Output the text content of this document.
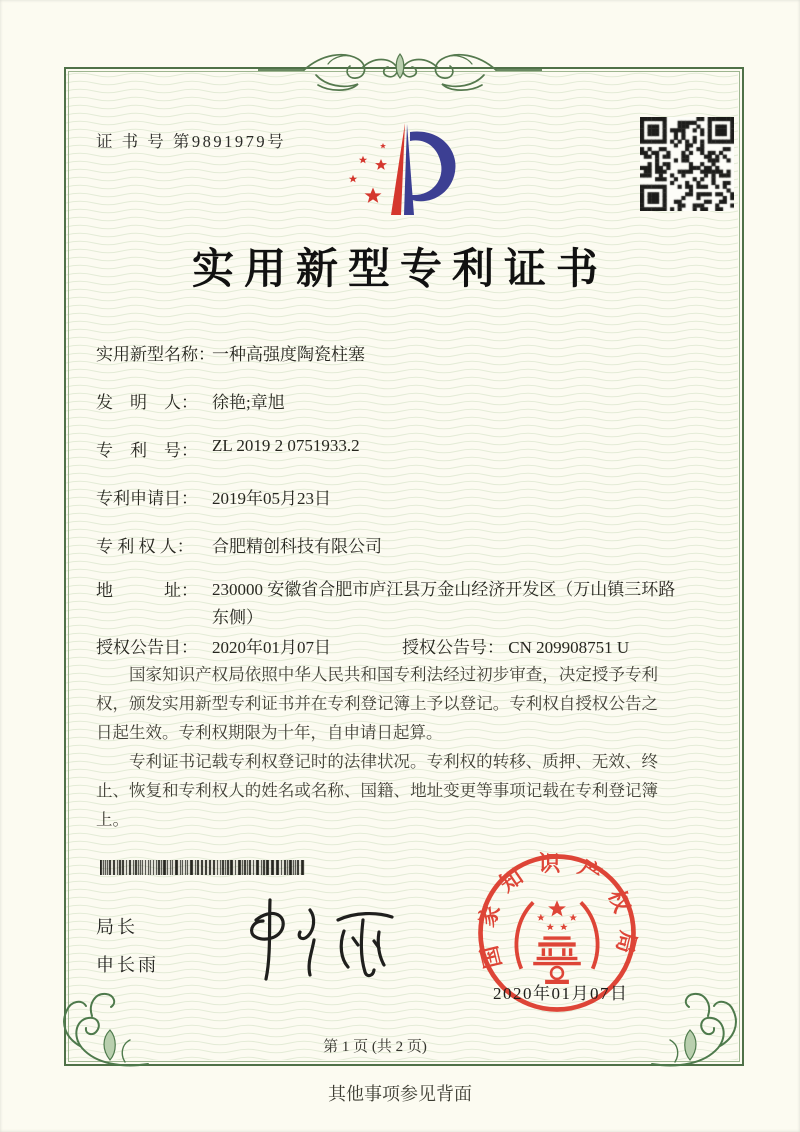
证 书 号 第9891979号
实用新型专利证书
实用新型名称：
一种高强度陶瓷柱塞
发　明　人： 徐艳;章旭
专　利　号： ZL 2019 2 0751933.2
专利申请日： 2019年05月23日
专 利 权 人： 合肥精创科技有限公司
地　　　址： 230000 安徽省合肥市庐江县万金山经济开发区（万山镇三环路东侧）
授权公告日： 2020年01月07日	授权公告号： CN 209908751 U

国家知识产权局依照中华人民共和国专利法经过初步审查，决定授予专利权，颁发实用新型专利证书并在专利登记簿上予以登记。专利权自授权公告之日起生效。专利权期限为十年，自申请日起算。

专利证书记载专利权登记时的法律状况。专利权的转移、质押、无效、终止、恢复和专利权人的姓名或名称、国籍、地址变更等事项记载在专利登记簿上。

局长
申长雨	国家知识产权局
2020年01月07日
第 1 页 (共 2 页)
其他事项参见背面
